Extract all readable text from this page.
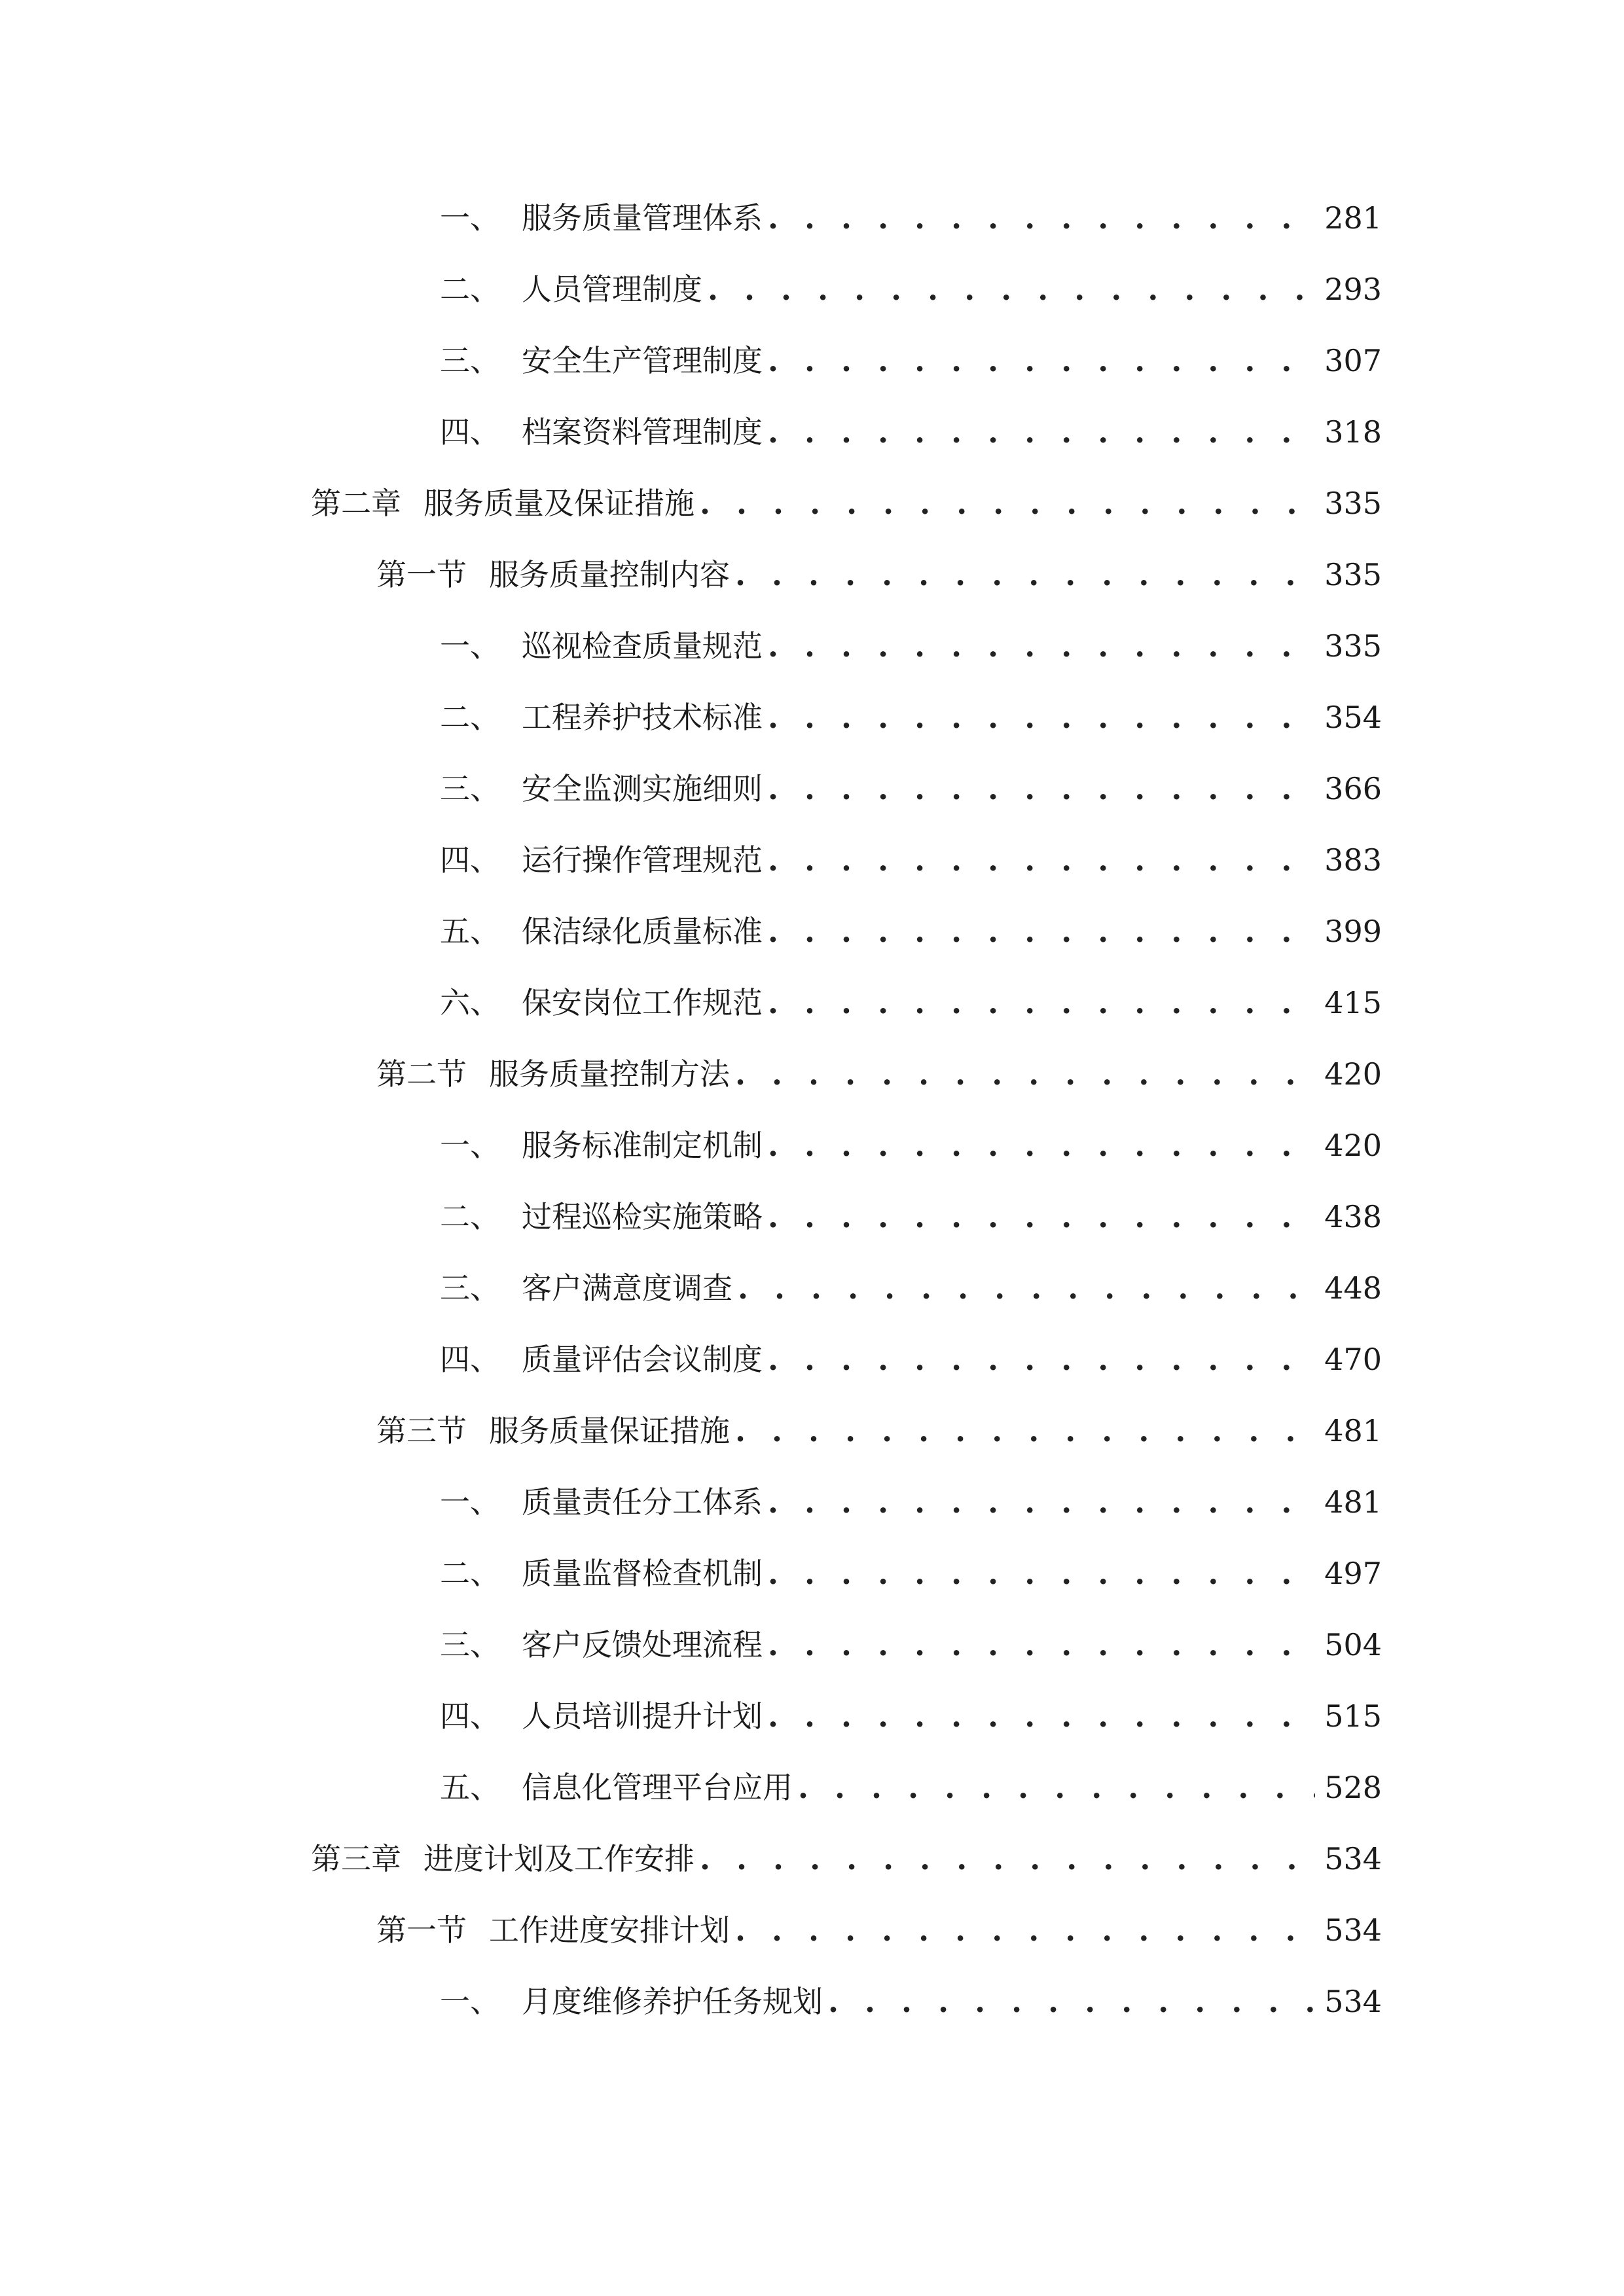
一、 服务质量管理体系 . . .	281
二、 人员管理制度 . . .	293
三、 安全生产管理制度 . . .	307
四、 档案资料管理制度 . . .	318
第二章 服务质量及保证措施 . . .	335
第一节 服务质量控制内容 . . .	335
一、 巡视检查质量规范 . . .	335
二、 工程养护技术标准 . . .	354
三、 安全监测实施细则 . . .	366
四、 运行操作管理规范 . . .	383
五、 保洁绿化质量标准 . . .	399
六、 保安岗位工作规范 . . .	415
第二节 服务质量控制方法 . . .	420
一、 服务标准制定机制 . . .	420
二、 过程巡检实施策略 . . .	438
三、 客户满意度调查 . . .	448
四、 质量评估会议制度 . . .	470
第三节 服务质量保证措施 . . .	481
一、 质量责任分工体系 . . .	481
二、 质量监督检查机制 . . .	497
三、 客户反馈处理流程 . . .	504
四、 人员培训提升计划 . . .	515
五、 信息化管理平台应用 . . .	528
第三章 进度计划及工作安排 . . .	534
第一节 工作进度安排计划 . . .	534
一、 月度维修养护任务规划 . . .	534
